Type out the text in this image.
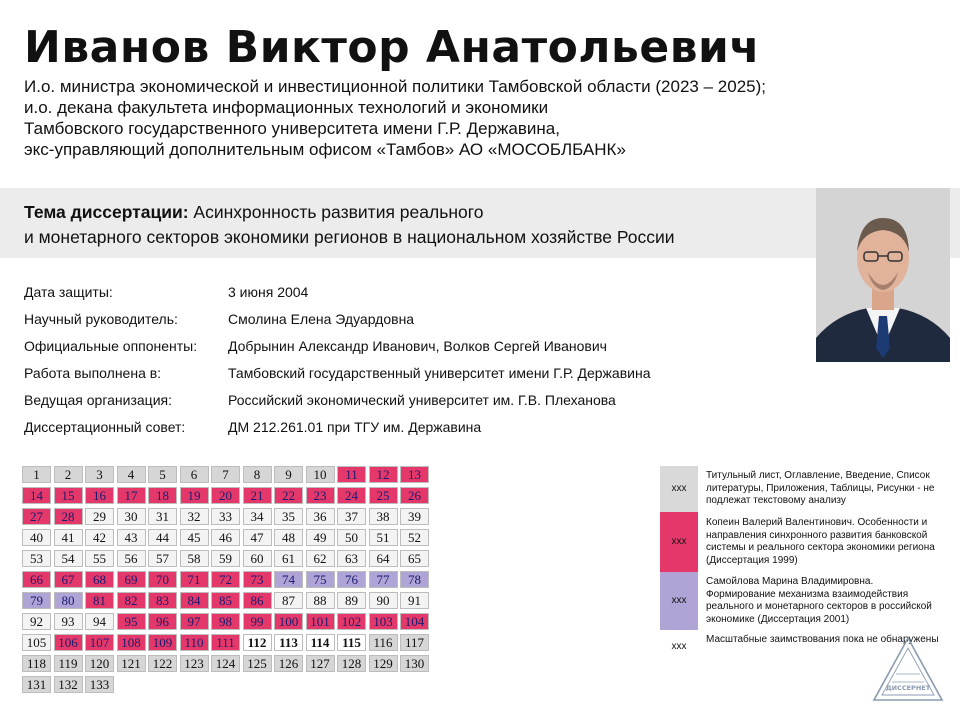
Иванов Виктор Анатольевич
И.о. министра экономической и инвестиционной политики Тамбовской области (2023 – 2025);
и.о. декана факультета информационных технологий и экономики
Тамбовского государственного университета имени Г.Р. Державина,
экс-управляющий дополнительным офисом «Тамбов» АО «МОСОБЛБАНК»
Тема диссертации: Асинхронность развития реального
и монетарного секторов экономики регионов в национальном хозяйстве России
Дата защиты:	3 июня 2004
Научный руководитель:	Смолина Елена Эдуардовна
Официальные оппоненты: Добрынин Александр Иванович, Волков Сергей Иванович
Работа выполнена в:	Тамбовский государственный университет имени Г.Р. Державина
Ведущая организация:	Российский экономический университет им. Г.В. Плеханова
Диссертационный совет:	ДМ 212.261.01 при ТГУ им. Державина
1	2	3	4	5	6	7	8	9	10	11	12	13
14	15	16	17	18	19	20	21	22	23	24	25	26
27	28	29	30	31	32	33	34	35	36	37	38	39
40	41	42	43	44	45	46	47	48	49	50	51	52
53	54	55	56	57	58	59	60	61	62	63	64	65
66	67	68	69	70	71	72	73	74	75	76	77	78
79	80	81	82	83	84	85	86	87	88	89	90	91
92	93	94	95	96	97	98	99	100 101 102 103 104
105 106 107 108 109 110 111 112 113 114 115 116 117
118 119 120 121 122 123 124 125 126 127 128 129 130
131 132 133
xxx
Титульный лист, Оглавление, Введение, Список литературы, Приложения, Таблицы, Рисунки - не подлежат текстовому анализу
xxx
Копеин Валерий Валентинович. Особенности и направления синхронного развития банковской системы и реального сектора экономики региона (Диссертация 1999)
xxx
Самойлова Марина Владимировна. Формирование механизма взаимодействия реального и монетарного секторов в российской экономике (Диссертация 2001)
xxx
Масштабные заимствования пока не обнаружены
ДИССЕРНЕТ
